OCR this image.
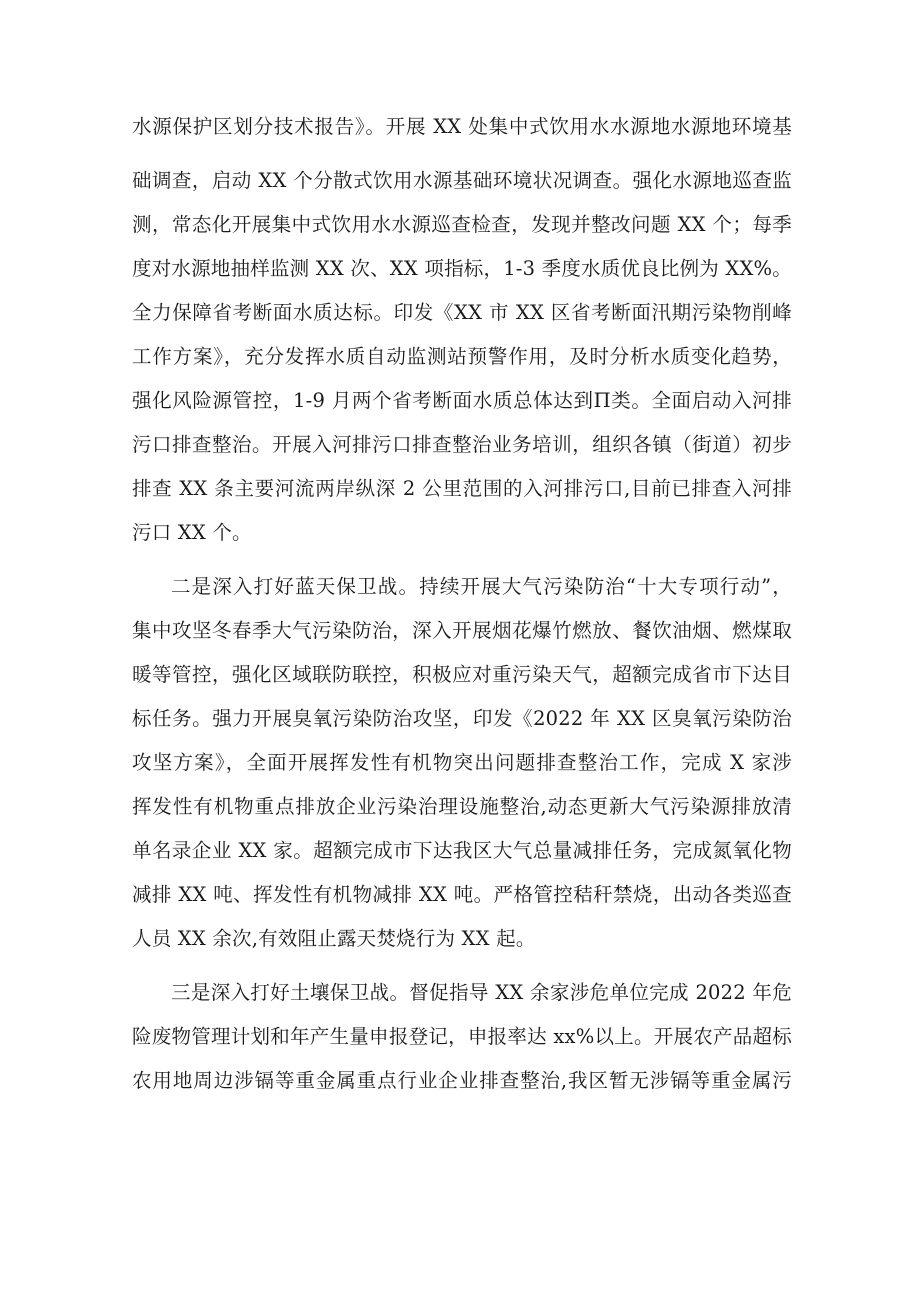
水源保护区划分技术报告》。开展 XX 处集中式饮用水水源地水源地环境基
础调查，启动 XX 个分散式饮用水源基础环境状况调查。强化水源地巡查监
测，常态化开展集中式饮用水水源巡查检查，发现并整改问题 XX 个；每季
度对水源地抽样监测 XX 次、XX 项指标，1-3 季度水质优良比例为 XX%。
全力保障省考断面水质达标。印发《XX 市 XX 区省考断面汛期污染物削峰
工作方案》，充分发挥水质自动监测站预警作用，及时分析水质变化趋势，
强化风险源管控，1-9 月两个省考断面水质总体达到Π类。全面启动入河排
污口排查整治。开展入河排污口排查整治业务培训，组织各镇（街道）初步
排查 XX 条主要河流两岸纵深 2 公里范围的入河排污口,目前已排查入河排
污口 XX 个。
二是深入打好蓝天保卫战。持续开展大气污染防治“十大专项行动”，
集中攻坚冬春季大气污染防治，深入开展烟花爆竹燃放、餐饮油烟、燃煤取
暖等管控，强化区域联防联控，积极应对重污染天气，超额完成省市下达目
标任务。强力开展臭氧污染防治攻坚，印发《2022 年 XX 区臭氧污染防治
攻坚方案》，全面开展挥发性有机物突出问题排查整治工作，完成 X 家涉
挥发性有机物重点排放企业污染治理设施整治,动态更新大气污染源排放清
单名录企业 XX 家。超额完成市下达我区大气总量减排任务，完成氮氧化物
减排 XX 吨、挥发性有机物减排 XX 吨。严格管控秸秆禁烧，出动各类巡查
人员 XX 余次,有效阻止露天焚烧行为 XX 起。
三是深入打好土壤保卫战。督促指导 XX 余家涉危单位完成 2022 年危
险废物管理计划和年产生量申报登记，申报率达 xx%以上。开展农产品超标
农用地周边涉镉等重金属重点行业企业排查整治,我区暂无涉镉等重金属污
